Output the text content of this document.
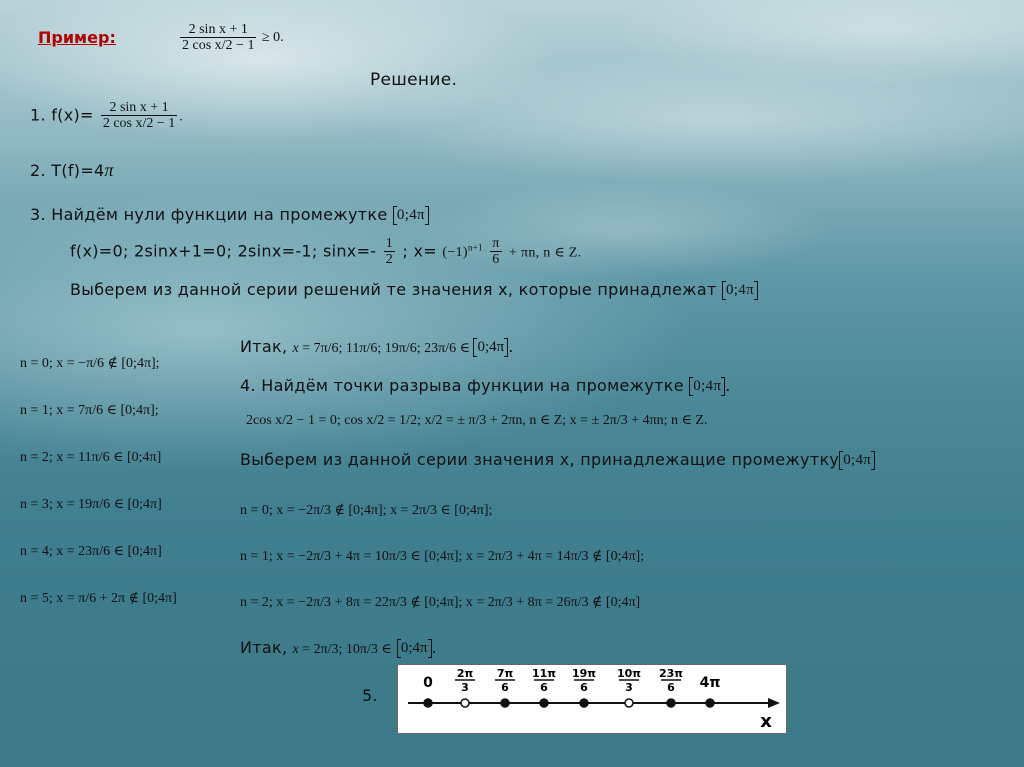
Пример:	$\frac{\text{2 sin x + 1}}{\text{2 cos x/2 − 1}} \ge 0$.
Решение.
1. $f(x)= \frac{\text{2 sin x + 1}}{\text{2 cos x/2 − 1}}$ .
2. T(f)=4π
3. Найдём нули функции на промежутке 0;4π
f(x)=0; 2sinx+1=0; 2sinx=-1; $\sin x=- \frac{1}{2}$ ; $x= (-1)^{n+1} \frac{\pi}{6} + \pi n$, n ∈ Z.
Выберем из данной серии решений те значения х, которые принадлежат 0;4π
n = 0; x = −π/6 ∉ [0;4π];
n = 1; x = 7π/6 ∈ [0;4π];
n = 2; x = 11π/6 ∈ [0;4π]
n = 3; x = 19π/6 ∈ [0;4π]
n = 4; x = 23π/6 ∈ [0;4π]
n = 5; x = π/6 + 2π ∉ [0;4π]
Итак, x = 7π/6; 11π/6; 19π/6; 23π/6 ∈ 0;4π .
4. Найдём точки разрыва функции на промежутке 0;4π .
2cos x/2 − 1 = 0; cos x/2 = 1/2; x/2 = ± π/3 + 2πn, n ∈ Z; x = ± 2π/3 + 4πn; n ∈ Z.
Выберем из данной серии значения х, принадлежащие промежутку 0;4π
n = 0; x = −2π/3 ∉ [0;4π]; x = 2π/3 ∈ [0;4π];
n = 1; x = −2π/3 + 4π = 10π/3 ∈ [0;4π]; x = 2π/3 + 4π = 14π/3 ∉ [0;4π];
n = 2; x = −2π/3 + 8π = 22π/3 ∉ [0;4π]; x = 2π/3 + 8π = 26π/3 ∉ [0;4π]
Итак, x = 2π/3; 10π/3 ∈ 0;4π .
5.
0
2π
3
7π
6
11π
6
19π
6
10π
3
23π
6 4π
x
